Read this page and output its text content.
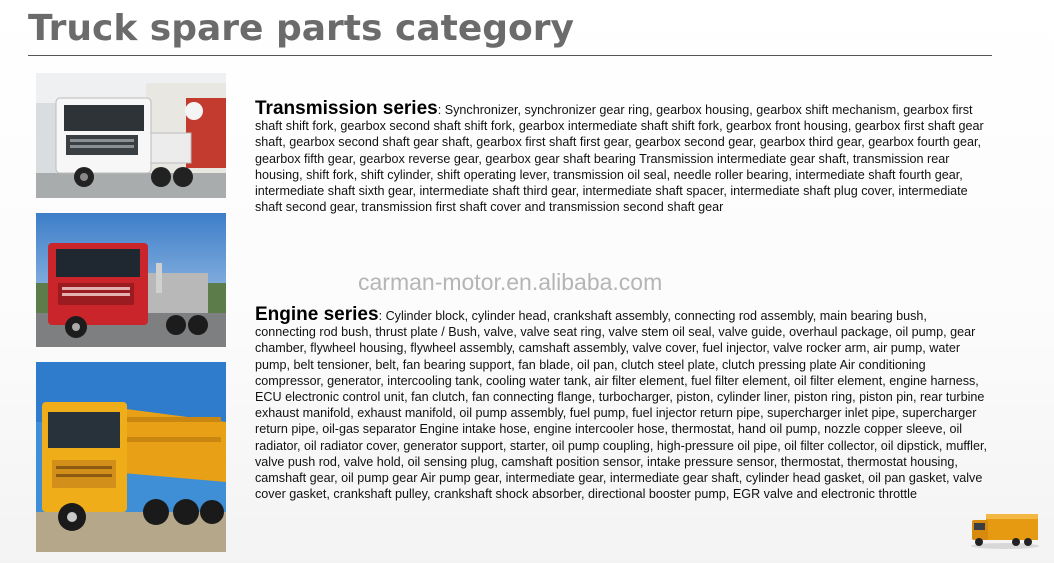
Truck spare parts category
Transmission series: Synchronizer, synchronizer gear ring, gearbox housing, gearbox shift mechanism, gearbox first shaft shift fork, gearbox second shaft shift fork, gearbox intermediate shaft shift fork, gearbox front housing, gearbox first shaft gear shaft, gearbox second shaft gear shaft, gearbox first shaft first gear, gearbox second gear, gearbox third gear, gearbox fourth gear, gearbox fifth gear, gearbox reverse gear, gearbox gear shaft bearing Transmission intermediate gear shaft, transmission rear housing, shift fork, shift cylinder, shift operating lever, transmission oil seal, needle roller bearing, intermediate shaft fourth gear, intermediate shaft sixth gear, intermediate shaft third gear, intermediate shaft spacer, intermediate shaft plug cover, intermediate shaft second gear, transmission first shaft cover and transmission second shaft gear
carman-motor.en.alibaba.com
Engine series: Cylinder block, cylinder head, crankshaft assembly, connecting rod assembly, main bearing bush, connecting rod bush, thrust plate / Bush, valve, valve seat ring, valve stem oil seal, valve guide, overhaul package, oil pump, gear chamber, flywheel housing, flywheel assembly, camshaft assembly, valve cover, fuel injector, valve rocker arm, air pump, water pump, belt tensioner, belt, fan bearing support, fan blade, oil pan, clutch steel plate, clutch pressing plate Air conditioning compressor, generator, intercooling tank, cooling water tank, air filter element, fuel filter element, oil filter element, engine harness, ECU electronic control unit, fan clutch, fan connecting flange, turbocharger, piston, cylinder liner, piston ring, piston pin, rear turbine exhaust manifold, exhaust manifold, oil pump assembly, fuel pump, fuel injector return pipe, supercharger inlet pipe, supercharger return pipe, oil-gas separator Engine intake hose, engine intercooler hose, thermostat, hand oil pump, nozzle copper sleeve, oil radiator, oil radiator cover, generator support, starter, oil pump coupling, high-pressure oil pipe, oil filter collector, oil dipstick, muffler, valve push rod, valve hold, oil sensing plug, camshaft position sensor, intake pressure sensor, thermostat, thermostat housing, camshaft gear, oil pump gear Air pump gear, intermediate gear, intermediate gear shaft, cylinder head gasket, oil pan gasket, valve cover gasket, crankshaft pulley, crankshaft shock absorber, directional booster pump, EGR valve and electronic throttle
